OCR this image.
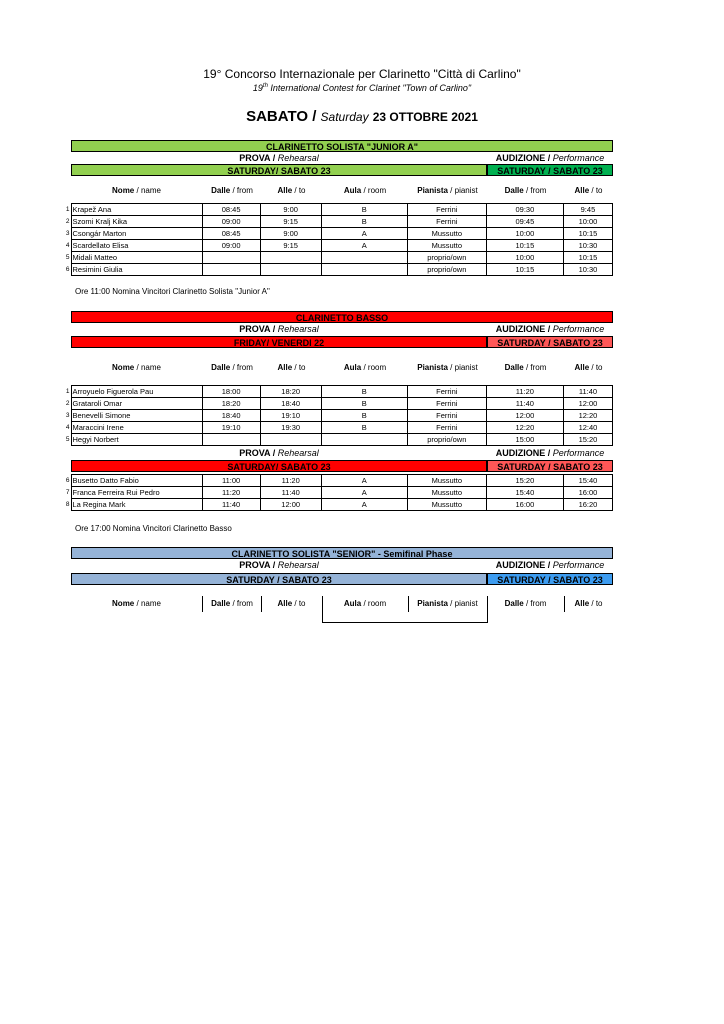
19° Concorso Internazionale per Clarinetto "Città di Carlino"
19th International Contest for Clarinet "Town of Carlino"
SABATO / Saturday 23 OTTOBRE 2021
CLARINETTO SOLISTA "JUNIOR A"
PROVA / Rehearsal	AUDIZIONE / Performance
SATURDAY/ SABATO 23	SATURDAY / SABATO 23
Nome / name	Dalle / from	Alle / to	Aula / room	Pianista / pianist	Dalle / from	Alle / to
1	Krapež Ana	08:45	9:00	B	Ferrini	09:30	9:45
2	Szomi Kralj Kika	09:00	9:15	B	Ferrini	09:45	10:00
3	Csongár Marton	08:45	9:00	A	Mussutto	10:00	10:15
4	Scardellato Elisa	09:00	9:15	A	Mussutto	10:15	10:30
5	Midali Matteo				proprio/own	10:00	10:15
6	Resimini Giulia				proprio/own	10:15	10:30
Ore 11:00 Nomina Vincitori Clarinetto Solista "Junior A"
CLARINETTO BASSO
PROVA / Rehearsal	AUDIZIONE / Performance
FRIDAY/ VENERDI 22	SATURDAY / SABATO 23
Nome / name	Dalle / from	Alle / to	Aula / room	Pianista / pianist	Dalle / from	Alle / to
1	Arroyuelo Figuerola Pau	18:00	18:20	B	Ferrini	11:20	11:40
2	Grataroli Omar	18:20	18:40	B	Ferrini	11:40	12:00
3	Benevelli Simone	18:40	19:10	B	Ferrini	12:00	12:20
4	Maraccini Irene	19:10	19:30	B	Ferrini	12:20	12:40
5	Hegyi Norbert				proprio/own	15:00	15:20
PROVA / Rehearsal	AUDIZIONE / Performance
SATURDAY/ SABATO 23	SATURDAY / SABATO 23
6	Busetto Datto Fabio	11:00	11:20	A	Mussutto	15:20	15:40
7	Franca Ferreira Rui Pedro	11:20	11:40	A	Mussutto	15:40	16:00
8	La Regina Mark	11:40	12:00	A	Mussutto	16:00	16:20
Ore 17:00 Nomina Vincitori Clarinetto Basso
CLARINETTO SOLISTA "SENIOR" - Semifinal Phase
PROVA / Rehearsal	AUDIZIONE / Performance
SATURDAY / SABATO 23	SATURDAY / SABATO 23
Nome / name	Dalle / from	Alle / to	Aula / room	Pianista / pianist	Dalle / from	Alle / to
